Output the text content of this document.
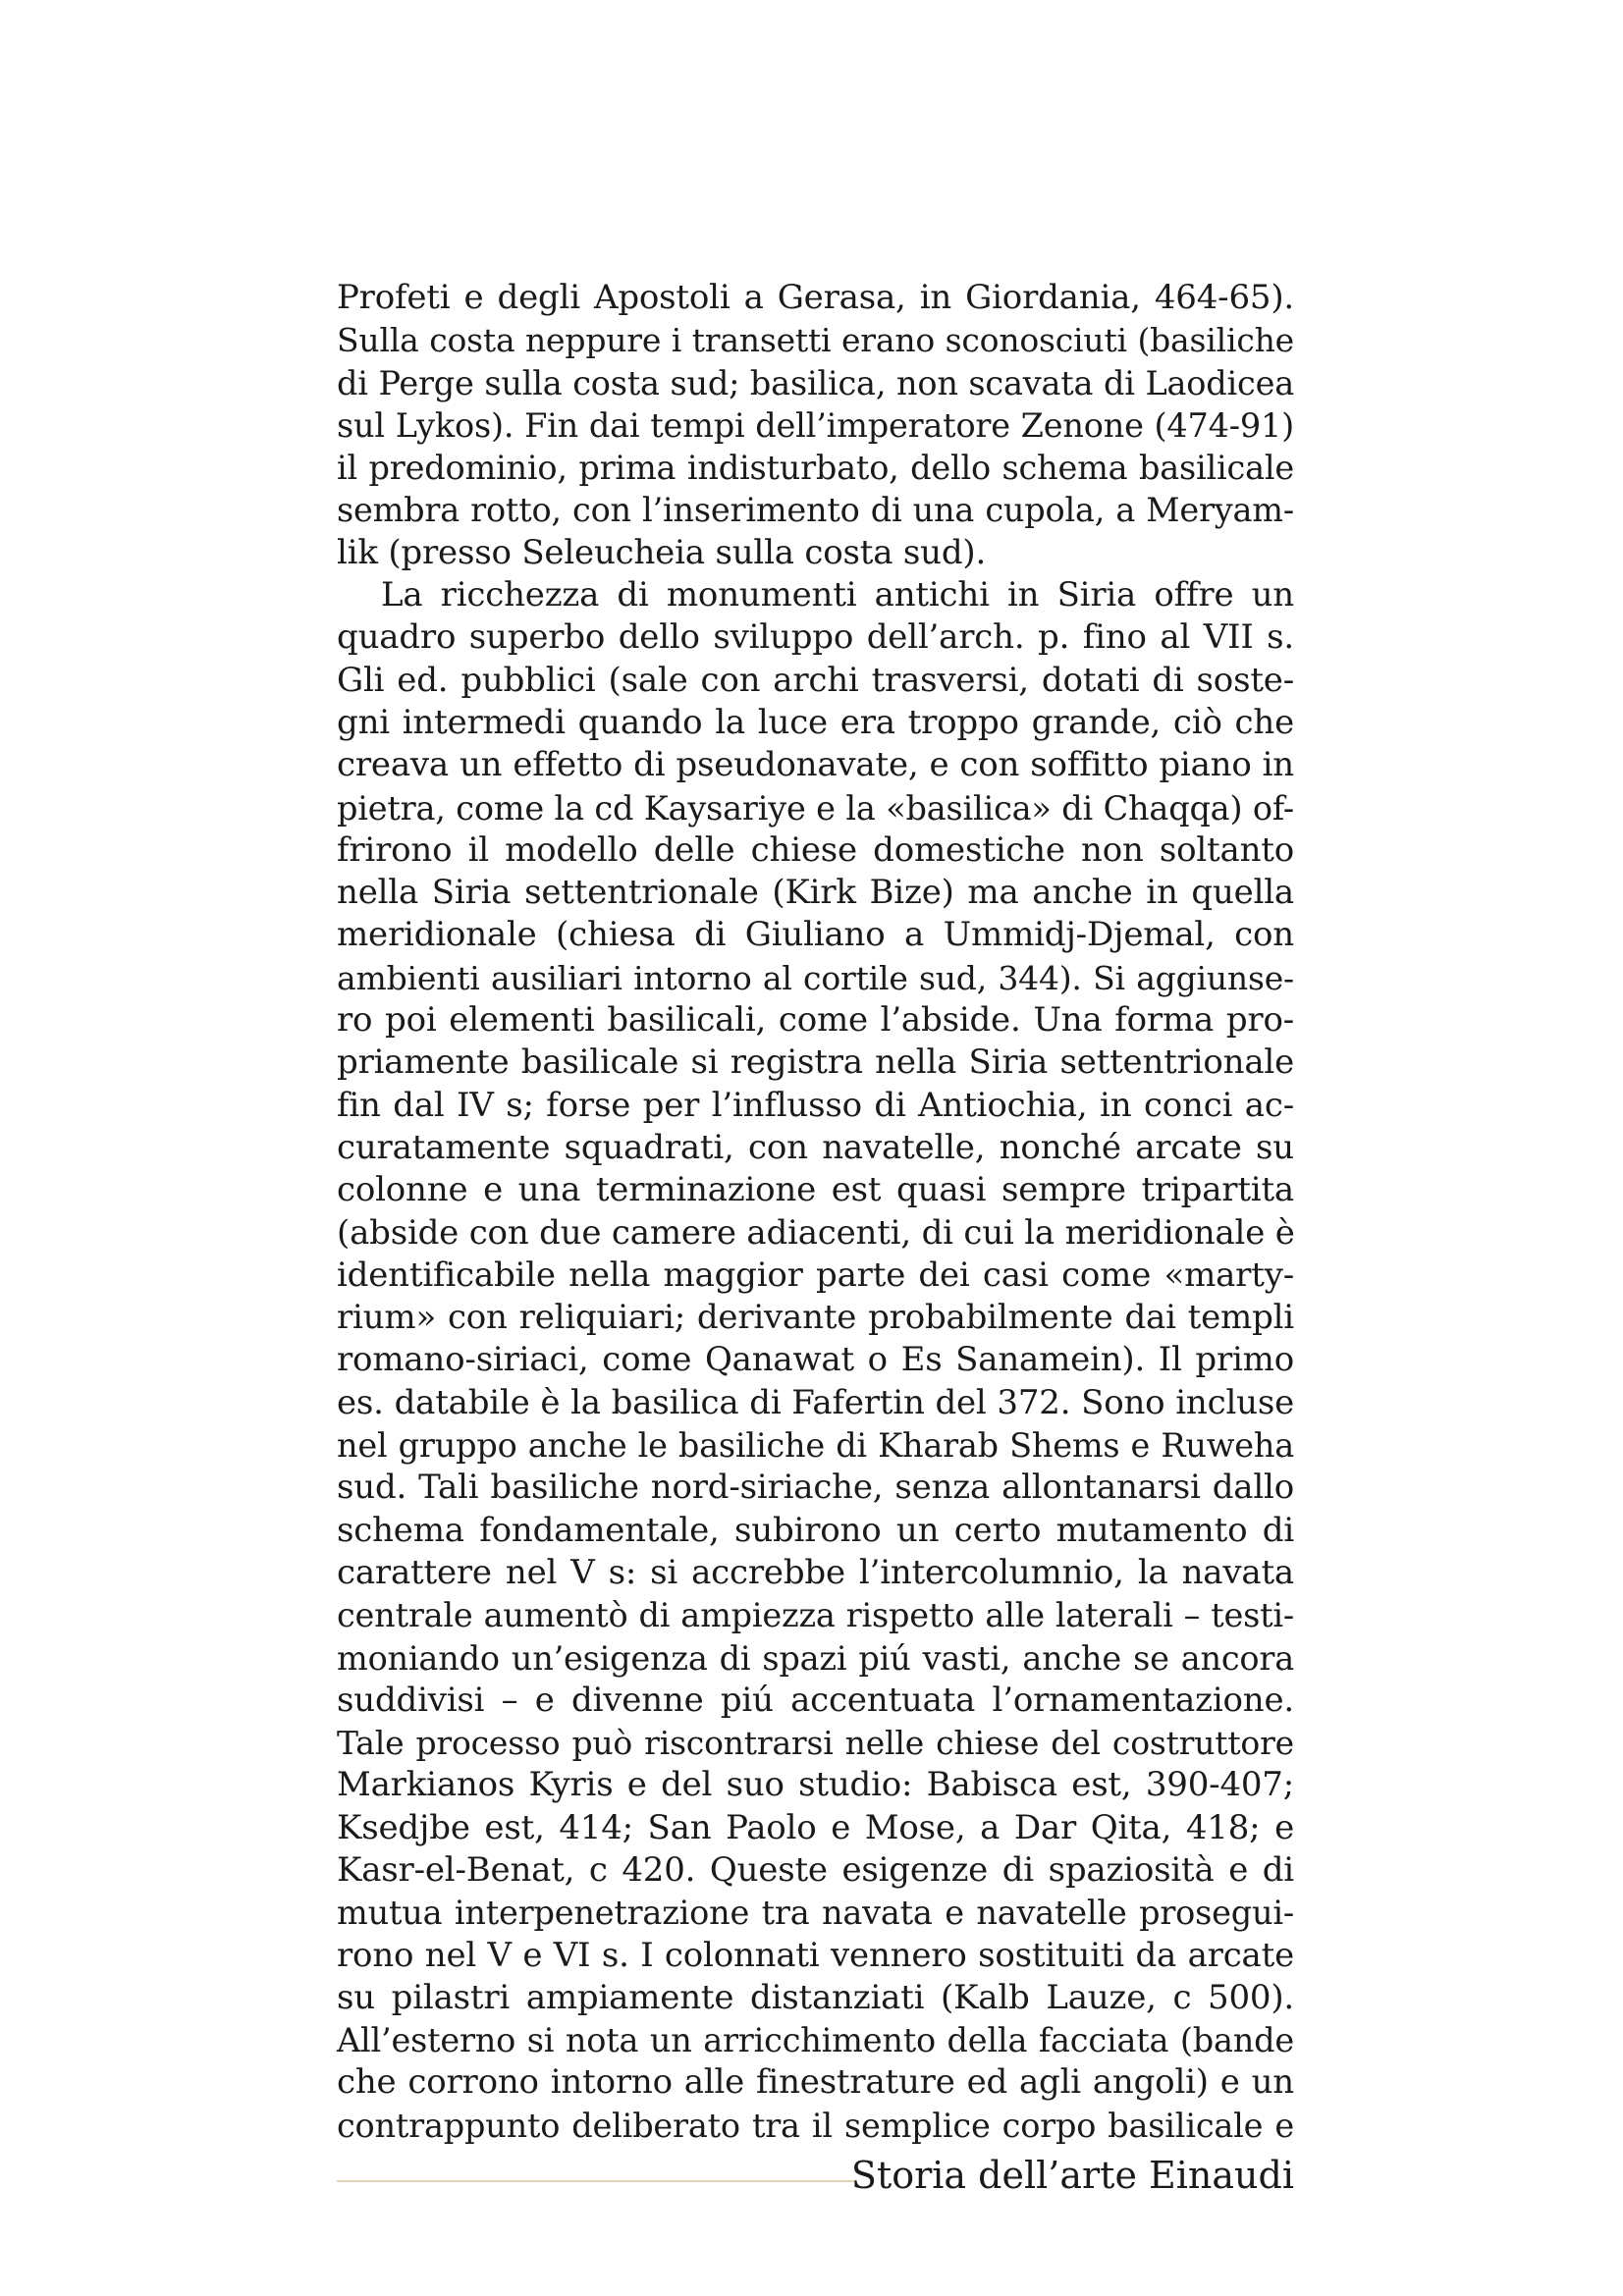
Profeti e degli Apostoli a Gerasa, in Giordania, 464-65).
Sulla costa neppure i transetti erano sconosciuti (basiliche
di Perge sulla costa sud; basilica, non scavata di Laodicea
sul Lykos). Fin dai tempi dell’imperatore Zenone (474-91)
il predominio, prima indisturbato, dello schema basilicale
sembra rotto, con l’inserimento di una cupola, a Meryam-
lik (presso Seleucheia sulla costa sud).
La ricchezza di monumenti antichi in Siria offre un
quadro superbo dello sviluppo dell’arch. p. fino al VII s.
Gli ed. pubblici (sale con archi trasversi, dotati di soste-
gni intermedi quando la luce era troppo grande, ciò che
creava un effetto di pseudonavate, e con soffitto piano in
pietra, come la cd Kaysariye e la «basilica» di Chaqqa) of-
frirono il modello delle chiese domestiche non soltanto
nella Siria settentrionale (Kirk Bize) ma anche in quella
meridionale (chiesa di Giuliano a Ummidj-Djemal, con
ambienti ausiliari intorno al cortile sud, 344). Si aggiunse-
ro poi elementi basilicali, come l’abside. Una forma pro-
priamente basilicale si registra nella Siria settentrionale
fin dal IV s; forse per l’influsso di Antiochia, in conci ac-
curatamente squadrati, con navatelle, nonché arcate su
colonne e una terminazione est quasi sempre tripartita
(abside con due camere adiacenti, di cui la meridionale è
identificabile nella maggior parte dei casi come «marty-
rium» con reliquiari; derivante probabilmente dai templi
romano-siriaci, come Qanawat o Es Sanamein). Il primo
es. databile è la basilica di Fafertin del 372. Sono incluse
nel gruppo anche le basiliche di Kharab Shems e Ruweha
sud. Tali basiliche nord-siriache, senza allontanarsi dallo
schema fondamentale, subirono un certo mutamento di
carattere nel V s: si accrebbe l’intercolumnio, la navata
centrale aumentò di ampiezza rispetto alle laterali – testi-
moniando un’esigenza di spazi piú vasti, anche se ancora
suddivisi – e divenne piú accentuata l’ornamentazione.
Tale processo può riscontrarsi nelle chiese del costruttore
Markianos Kyris e del suo studio: Babisca est, 390-407;
Ksedjbe est, 414; San Paolo e Mose, a Dar Qita, 418; e
Kasr-el-Benat, c 420. Queste esigenze di spaziosità e di
mutua interpenetrazione tra navata e navatelle prosegui-
rono nel V e VI s. I colonnati vennero sostituiti da arcate
su pilastri ampiamente distanziati (Kalb Lauze, c 500).
All’esterno si nota un arricchimento della facciata (bande
che corrono intorno alle finestrature ed agli angoli) e un
contrappunto deliberato tra il semplice corpo basilicale e
Storia dell’arte Einaudi
